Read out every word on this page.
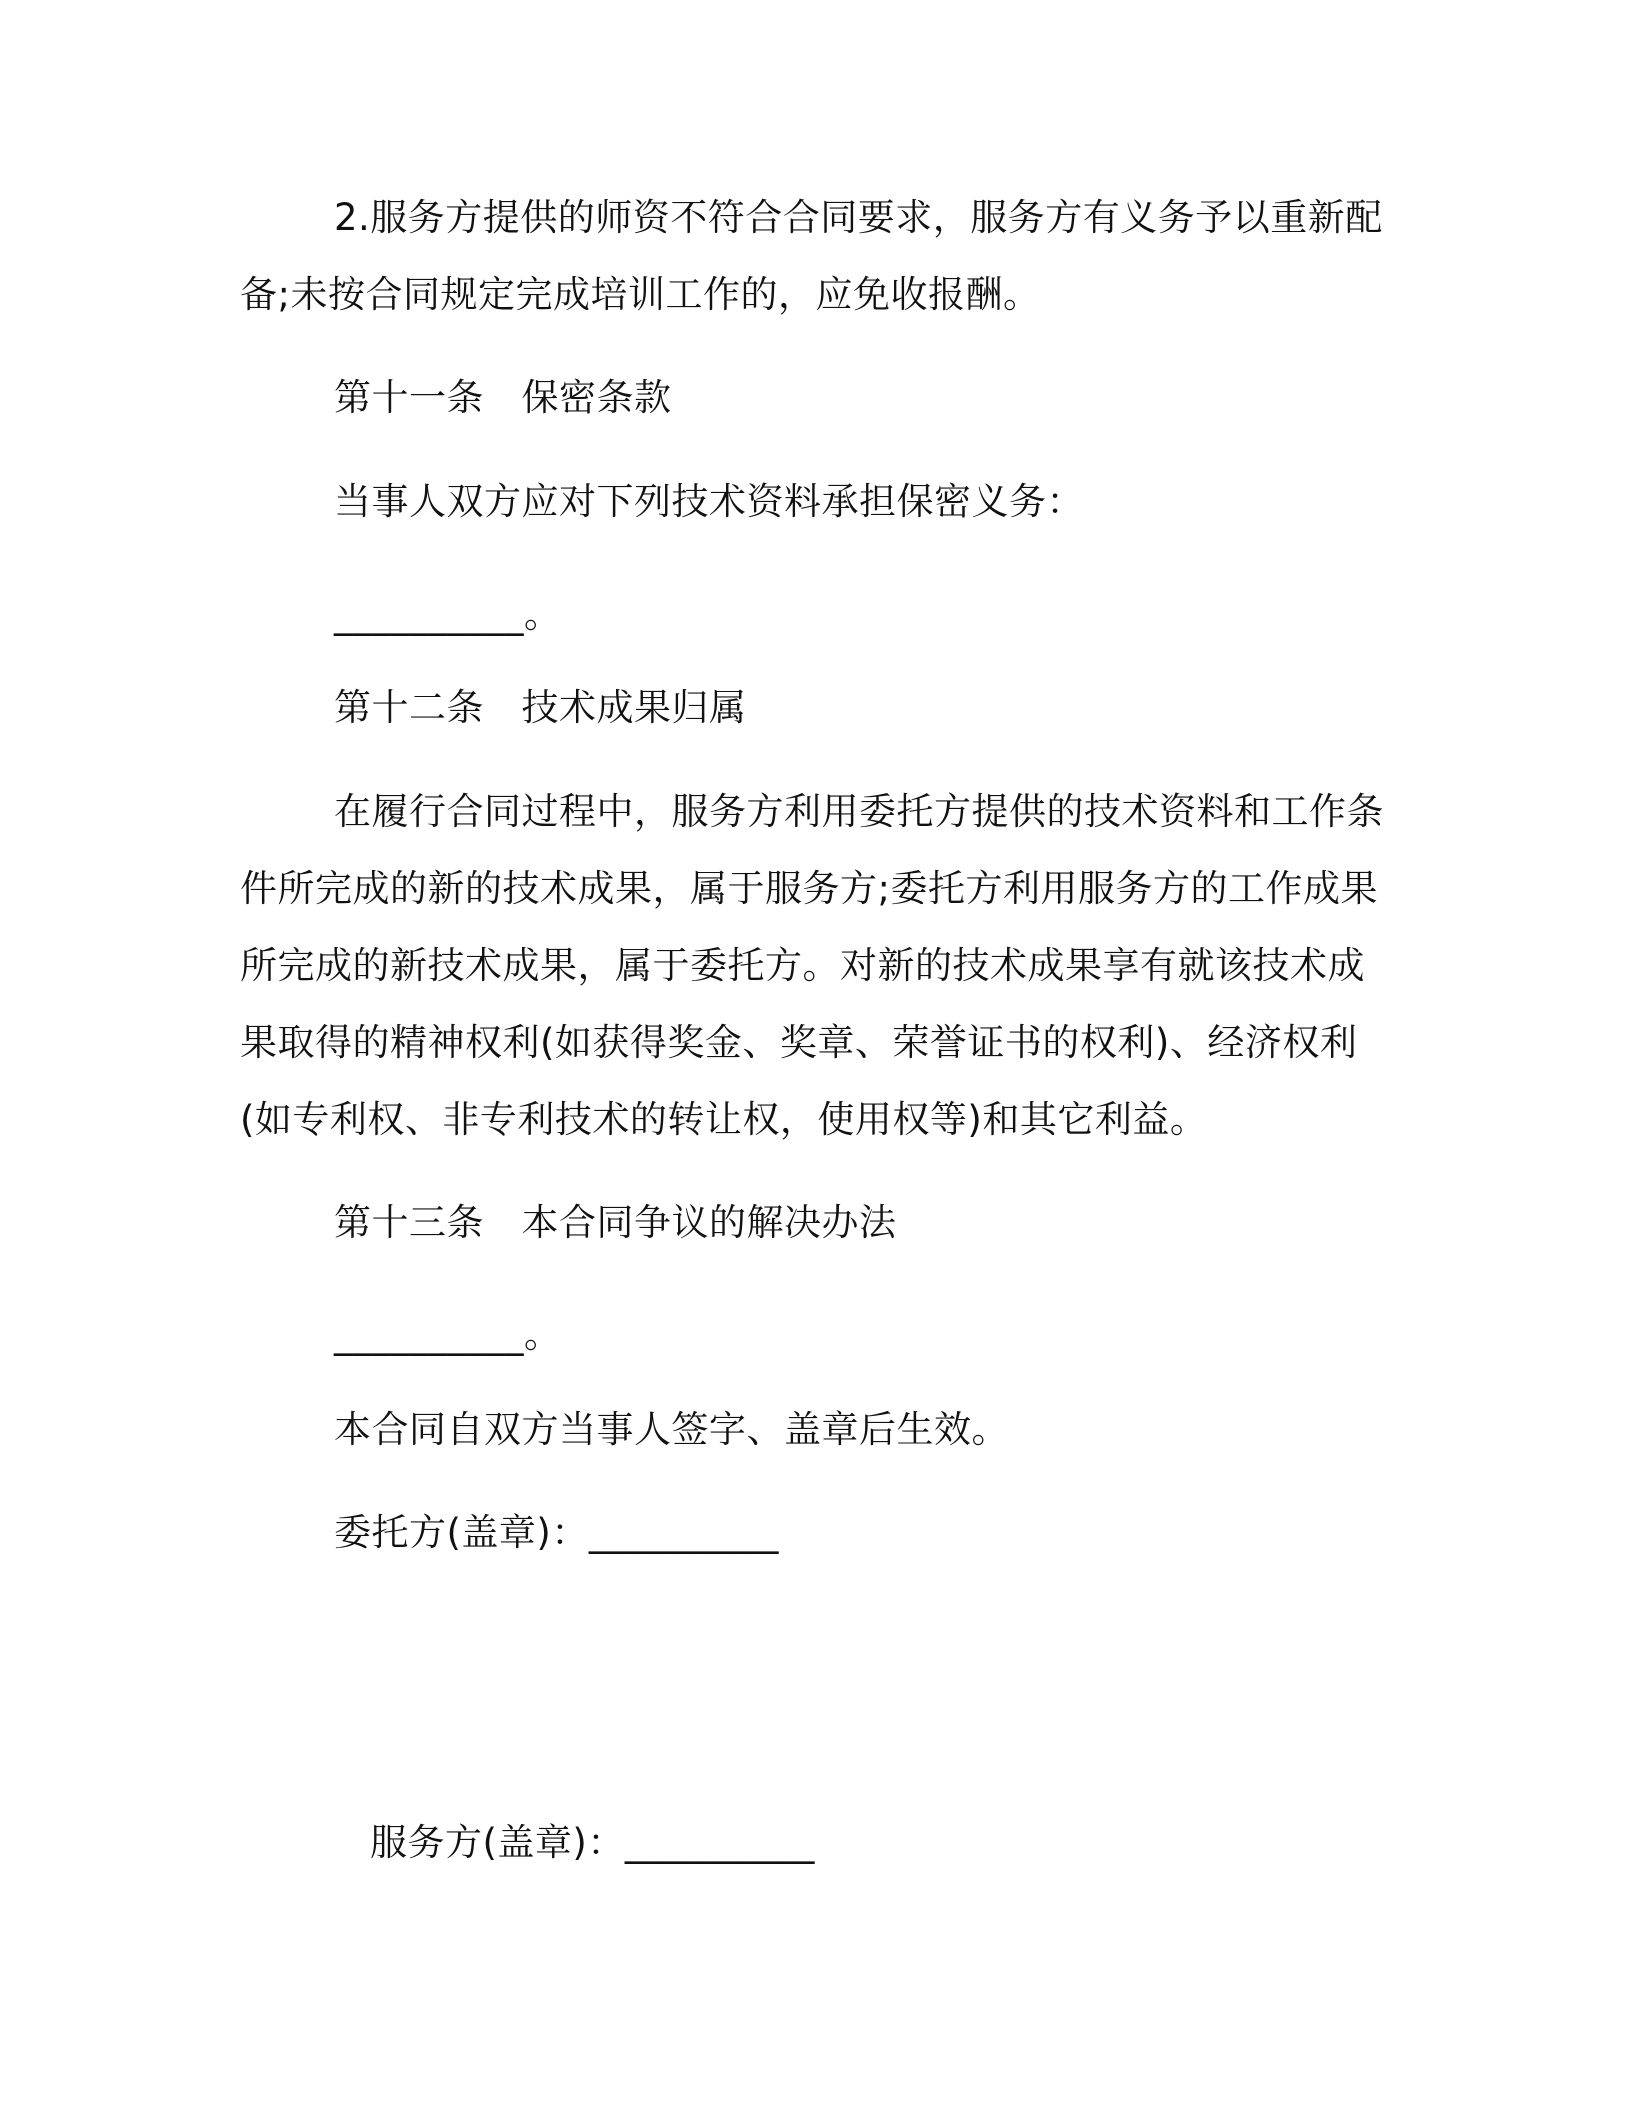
2.服务方提供的师资不符合合同要求，服务方有义务予以重新配
备;未按合同规定完成培训工作的，应免收报酬。
第十一条　保密条款
当事人双方应对下列技术资料承担保密义务：
__________。
第十二条　技术成果归属
在履行合同过程中，服务方利用委托方提供的技术资料和工作条
件所完成的新的技术成果，属于服务方;委托方利用服务方的工作成果
所完成的新技术成果，属于委托方。对新的技术成果享有就该技术成
果取得的精神权利(如获得奖金、奖章、荣誉证书的权利)、经济权利
(如专利权、非专利技术的转让权，使用权等)和其它利益。
第十三条　本合同争议的解决办法
__________。
本合同自双方当事人签字、盖章后生效。
委托方(盖章)：__________
服务方(盖章)：__________
